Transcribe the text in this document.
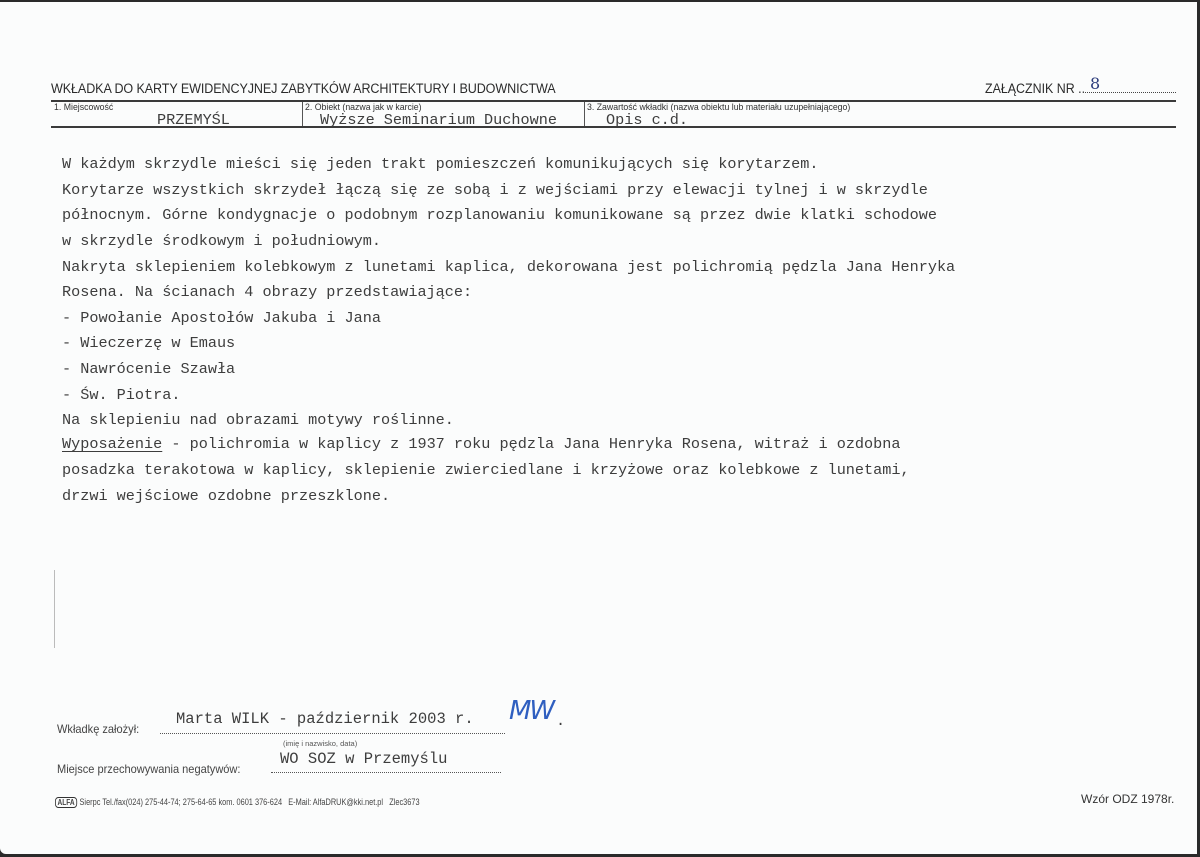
WKŁADKA DO KARTY EWIDENCYJNEJ ZABYTKÓW ARCHITEKTURY I BUDOWNICTWA	ZAŁĄCZNIK NR .. 8
1. Miejscowość
PRZEMYŚL
2. Obiekt (nazwa jak w karcie)
Wyższe Seminarium Duchowne
3. Zawartość wkładki (nazwa obiektu lub materiału uzupełniającego)
Opis c.d.
W każdym skrzydle mieści się jeden trakt pomieszczeń komunikujących się korytarzem.
Korytarze wszystkich skrzydeł łączą się ze sobą i z wejściami przy elewacji tylnej i w skrzydle
północnym. Górne kondygnacje o podobnym rozplanowaniu komunikowane są przez dwie klatki schodowe
w skrzydle środkowym i południowym.
Nakryta sklepieniem kolebkowym z lunetami kaplica, dekorowana jest polichromią pędzla Jana Henryka
Rosena. Na ścianach 4 obrazy przedstawiające:
- Powołanie Apostołów Jakuba i Jana
- Wieczerzę w Emaus
- Nawrócenie Szawła
- Św. Piotra.
Na sklepieniu nad obrazami motywy roślinne.
Wyposażenie - polichromia w kaplicy z 1937 roku pędzla Jana Henryka Rosena, witraż i ozdobna
posadzka terakotowa w kaplicy, sklepienie zwierciedlane i krzyżowe oraz kolebkowe z lunetami,
drzwi wejściowe ozdobne przeszklone.
Wkładkę założył:
Marta WILK - październik 2003 r. MW .
(imię i nazwisko, data)
Miejsce przechowywania negatywów:
WO SOZ w Przemyślu
ALFA Sierpc Tel./fax(024) 275-44-74; 275-64-65 kom. 0601 376-624   E-Mail: AlfaDRUK@kki.net.pl   Zlec3673	Wzór ODZ 1978r.
